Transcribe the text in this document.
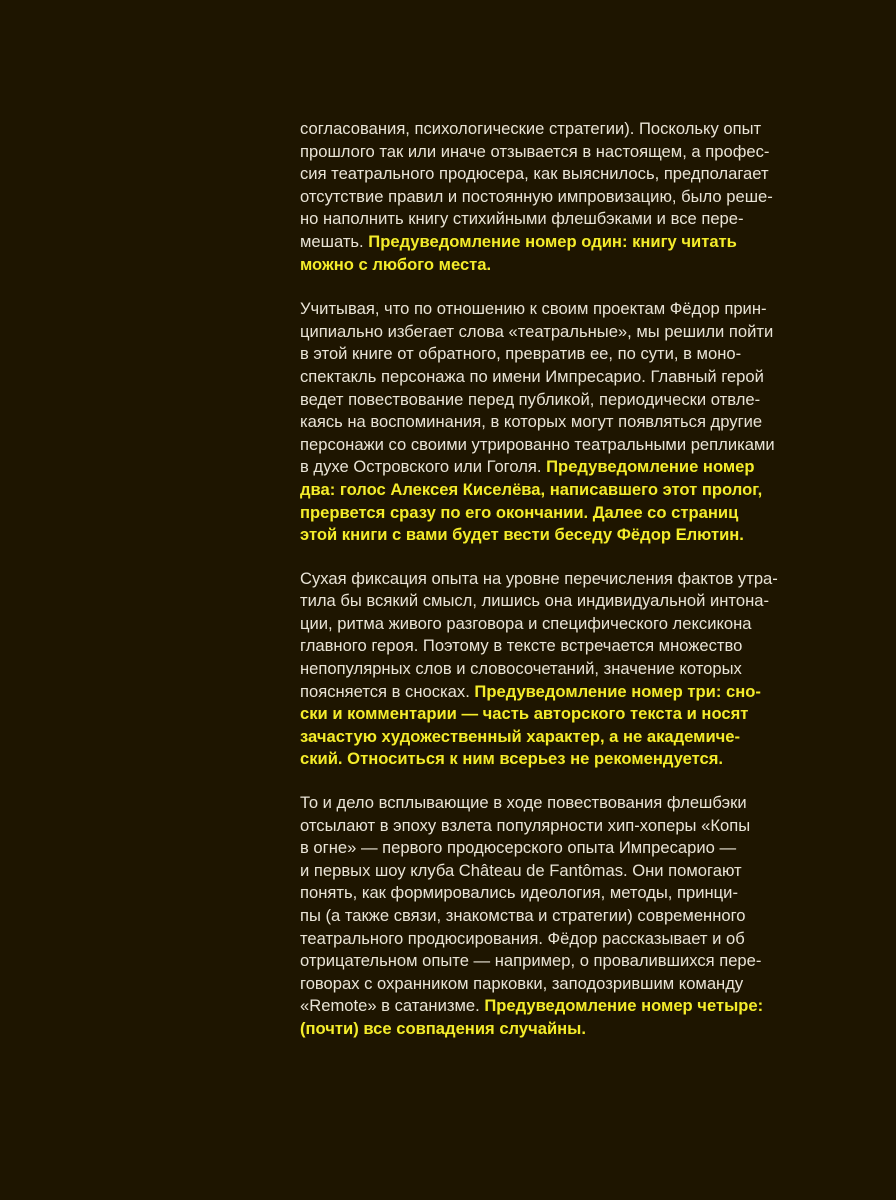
согласования, психологические стратегии). Поскольку опыт
прошлого так или иначе отзывается в настоящем, а профес-
сия театрального продюсера, как выяснилось, предполагает
отсутствие правил и постоянную импровизацию, было реше-
но наполнить книгу стихийными флешбэками и все пере-
мешать. Предуведомление номер один: книгу читать
можно с любого места.

Учитывая, что по отношению к своим проектам Фёдор прин-
ципиально избегает слова «театральные», мы решили пойти
в этой книге от обратного, превратив ее, по сути, в моно-
спектакль персонажа по имени Импресарио. Главный герой
ведет повествование перед публикой, периодически отвле-
каясь на воспоминания, в которых могут появляться другие
персонажи со своими утрированно театральными репликами
в духе Островского или Гоголя. Предуведомление номер
два: голос Алексея Киселёва, написавшего этот пролог,
прервется сразу по его окончании. Далее со страниц
этой книги с вами будет вести беседу Фёдор Елютин.

Сухая фиксация опыта на уровне перечисления фактов утра-
тила бы всякий смысл, лишись она индивидуальной интона-
ции, ритма живого разговора и специфического лексикона
главного героя. Поэтому в тексте встречается множество
непопулярных слов и словосочетаний, значение которых
поясняется в сносках. Предуведомление номер три: сно-
ски и комментарии — часть авторского текста и носят
зачастую художественный характер, а не академиче-
ский. Относиться к ним всерьез не рекомендуется.

То и дело всплывающие в ходе повествования флешбэки
отсылают в эпоху взлета популярности хип-хоперы «Копы
в огне» — первого продюсерского опыта Импресарио —
и первых шоу клуба Château de Fantômas. Они помогают
понять, как формировались идеология, методы, принци-
пы (а также связи, знакомства и стратегии) современного
театрального продюсирования. Фёдор рассказывает и об
отрицательном опыте — например, о провалившихся пере-
говорах с охранником парковки, заподозрившим команду
«Remote» в сатанизме. Предуведомление номер четыре:
(почти) все совпадения случайны.
